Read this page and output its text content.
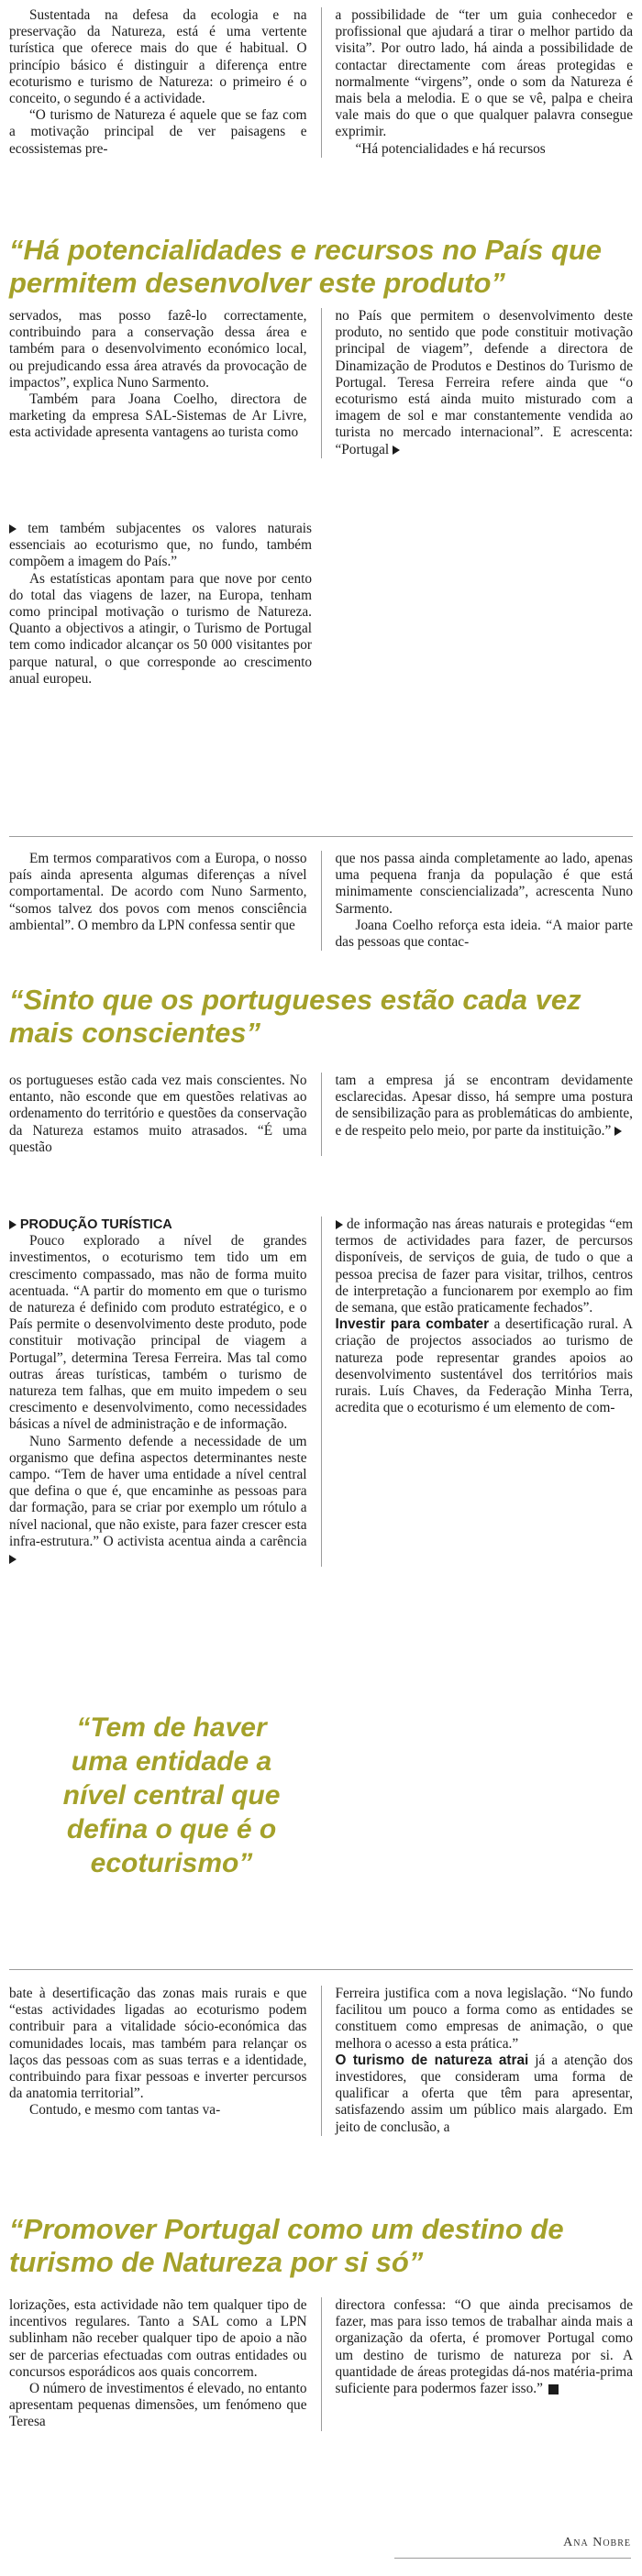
Sustentada na defesa da ecologia e na preservação da Natureza, está é uma vertente turística que oferece mais do que é habitual. O princípio básico é distinguir a diferença entre ecoturismo e turismo de Natureza: o primeiro é o conceito, o segundo é a actividade.

“O turismo de Natureza é aquele que se faz com a motivação principal de ver paisagens e ecossistemas pre-

a possibilidade de “ter um guia conhecedor e profissional que ajudará a tirar o melhor partido da visita”. Por outro lado, há ainda a possibilidade de contactar directamente com áreas protegidas e normalmente “virgens”, onde o som da Natureza é mais bela a melodia. E o que se vê, palpa e cheira vale mais do que o que qualquer palavra consegue exprimir.

“Há potencialidades e há recursos

“Há potencialidades e recursos no País que permitem desenvolver este produto”

servados, mas posso fazê-lo correctamente, contribuindo para a conservação dessa área e também para o desenvolvimento económico local, ou prejudicando essa área através da provocação de impactos”, explica Nuno Sarmento.

Também para Joana Coelho, directora de marketing da empresa SAL-Sistemas de Ar Livre, esta actividade apresenta vantagens ao turista como

no País que permitem o desenvolvimento deste produto, no sentido que pode constituir motivação principal de viagem”, defende a directora de Dinamização de Produtos e Destinos do Turismo de Portugal. Teresa Ferreira refere ainda que “o ecoturismo está ainda muito misturado com a imagem de sol e mar constantemente vendida ao turista no mercado internacional”. E acrescenta: “Portugal

tem também subjacentes os valores naturais essenciais ao ecoturismo que, no fundo, também compõem a imagem do País.”

As estatísticas apontam para que nove por cento do total das viagens de lazer, na Europa, tenham como principal motivação o turismo de Natureza. Quanto a objectivos a atingir, o Turismo de Portugal tem como indicador alcançar os 50 000 visitantes por parque natural, o que corresponde ao crescimento anual europeu.

Em termos comparativos com a Europa, o nosso país ainda apresenta algumas diferenças a nível comportamental. De acordo com Nuno Sarmento, “somos talvez dos povos com menos consciência ambiental”. O membro da LPN confessa sentir que

que nos passa ainda completamente ao lado, apenas uma pequena franja da população é que está minimamente consciencializada”, acrescenta Nuno Sarmento.

Joana Coelho reforça esta ideia. “A maior parte das pessoas que contac-

“Sinto que os portugueses estão cada vez mais conscientes”

os portugueses estão cada vez mais conscientes. No entanto, não esconde que em questões relativas ao ordenamento do território e questões da conservação da Natureza estamos muito atrasados. “É uma questão

tam a empresa já se encontram devidamente esclarecidas. Apesar disso, há sempre uma postura de sensibilização para as problemáticas do ambiente, e de respeito pelo meio, por parte da instituição.”

PRODUÇÃO TURÍSTICA

Pouco explorado a nível de grandes investimentos, o ecoturismo tem tido um em crescimento compassado, mas não de forma muito acentuada. “A partir do momento em que o turismo de natureza é definido com produto estratégico, e o País permite o desenvolvimento deste produto, pode constituir motivação principal de viagem a Portugal”, determina Teresa Ferreira. Mas tal como outras áreas turísticas, também o turismo de natureza tem falhas, que em muito impedem o seu crescimento e desenvolvimento, como necessidades básicas a nível de administração e de informação.

Nuno Sarmento defende a necessidade de um organismo que defina aspectos determinantes neste campo. “Tem de haver uma entidade a nível central que defina o que é, que encaminhe as pessoas para dar formação, para se criar por exemplo um rótulo a nível nacional, que não existe, para fazer crescer esta infra-estrutura.” O activista acentua ainda a carência

de informação nas áreas naturais e protegidas “em termos de actividades para fazer, de percursos disponíveis, de serviços de guia, de tudo o que a pessoa precisa de fazer para visitar, trilhos, centros de interpretação a funcionarem por exemplo ao fim de semana, que estão praticamente fechados”.

Investir para combater a desertificação rural. A criação de projectos associados ao turismo de natureza pode representar grandes apoios ao desenvolvimento sustentável dos territórios mais rurais. Luís Chaves, da Federação Minha Terra, acredita que o ecoturismo é um elemento de com-

“Tem de haver uma entidade a nível central que defina o que é o ecoturismo”

bate à desertificação das zonas mais rurais e que “estas actividades ligadas ao ecoturismo podem contribuir para a vitalidade sócio-económica das comunidades locais, mas também para relançar os laços das pessoas com as suas terras e a identidade, contribuindo para fixar pessoas e inverter percursos da anatomia territorial”.

Contudo, e mesmo com tantas va-

Ferreira justifica com a nova legislação. “No fundo facilitou um pouco a forma como as entidades se constituem como empresas de animação, o que melhora o acesso a esta prática.”

O turismo de natureza atrai já a atenção dos investidores, que consideram uma forma de qualificar a oferta que têm para apresentar, satisfazendo assim um público mais alargado. Em jeito de conclusão, a

“Promover Portugal como um destino de turismo de Natureza por si só”

lorizações, esta actividade não tem qualquer tipo de incentivos regulares. Tanto a SAL como a LPN sublinham não receber qualquer tipo de apoio a não ser de parcerias efectuadas com outras entidades ou concursos esporádicos aos quais concorrem.

O número de investimentos é elevado, no entanto apresentam pequenas dimensões, um fenómeno que Teresa

directora confessa: “O que ainda precisamos de fazer, mas para isso temos de trabalhar ainda mais a organização da oferta, é promover Portugal como um destino de turismo de natureza por si. A quantidade de áreas protegidas dá-nos matéria-prima suficiente para podermos fazer isso.”

Ana Nobre
